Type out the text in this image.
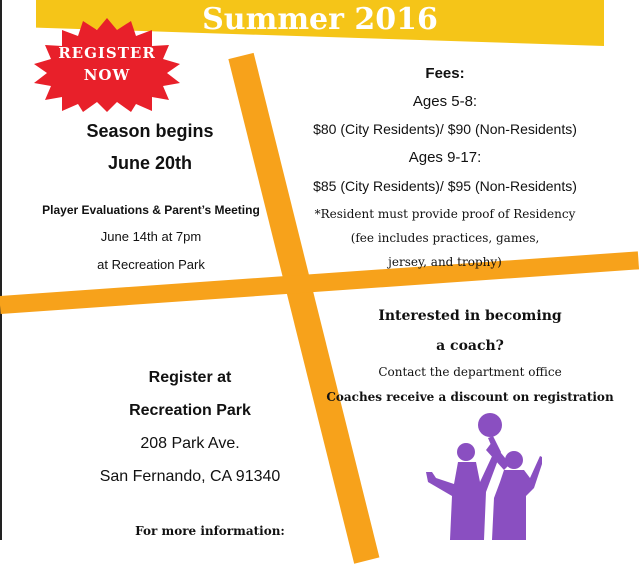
Summer 2016
REGISTER
NOW
Season begins
June 20th
Player Evaluations & Parent’s Meeting
June 14th at 7pm
at Recreation Park
Fees:
Ages 5-8:
$80 (City Residents)/ $90 (Non-Residents)
Ages 9-17:
$85 (City Residents)/ $95 (Non-Residents)
*Resident must provide proof of Residency
(fee includes practices, games,
jersey, and trophy)
Interested in becoming
a coach?
Contact the department office
Coaches receive a discount on registration
Register at
Recreation Park
208 Park Ave.
San Fernando, CA 91340
For more information:
